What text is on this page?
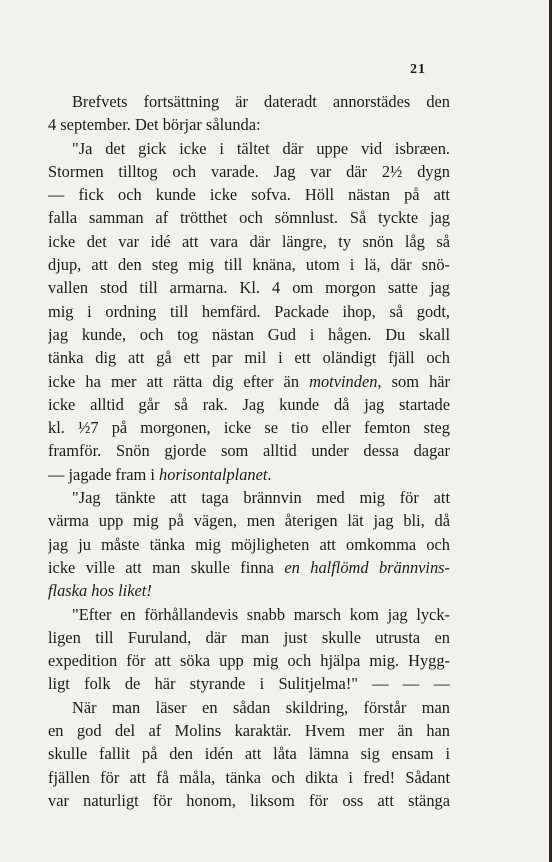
21
Brefvets fortsättning är dateradt annorstädes den
4 september. Det börjar sålunda:
"Ja det gick icke i tältet där uppe vid isbræen.
Stormen tilltog och varade. Jag var där 2½ dygn
— fick och kunde icke sofva. Höll nästan på att
falla samman af trötthet och sömnlust. Så tyckte jag
icke det var idé att vara där längre, ty snön låg så
djup, att den steg mig till knäna, utom i lä, där snö-
vallen stod till armarna. Kl. 4 om morgon satte jag
mig i ordning till hemfärd. Packade ihop, så godt,
jag kunde, och tog nästan Gud i hågen. Du skall
tänka dig att gå ett par mil i ett oländigt fjäll och
icke ha mer att rätta dig efter än motvinden, som här
icke alltid går så rak. Jag kunde då jag startade
kl. ½7 på morgonen, icke se tio eller femton steg
framför. Snön gjorde som alltid under dessa dagar
— jagade fram i horisontalplanet.
"Jag tänkte att taga brännvin med mig för att
värma upp mig på vägen, men återigen lät jag bli, då
jag ju måste tänka mig möjligheten att omkomma och
icke ville att man skulle finna en halflömd brännvins-
flaska hos liket!
"Efter en förhållandevis snabb marsch kom jag lyck-
ligen till Furuland, där man just skulle utrusta en
expedition för att söka upp mig och hjälpa mig. Hygg-
ligt folk de här styrande i Sulitjelma!" — — —
När man läser en sådan skildring, förstår man
en god del af Molins karaktär. Hvem mer än han
skulle fallit på den idén att låta lämna sig ensam i
fjällen för att få måla, tänka och dikta i fred! Sådant
var naturligt för honom, liksom för oss att stänga
